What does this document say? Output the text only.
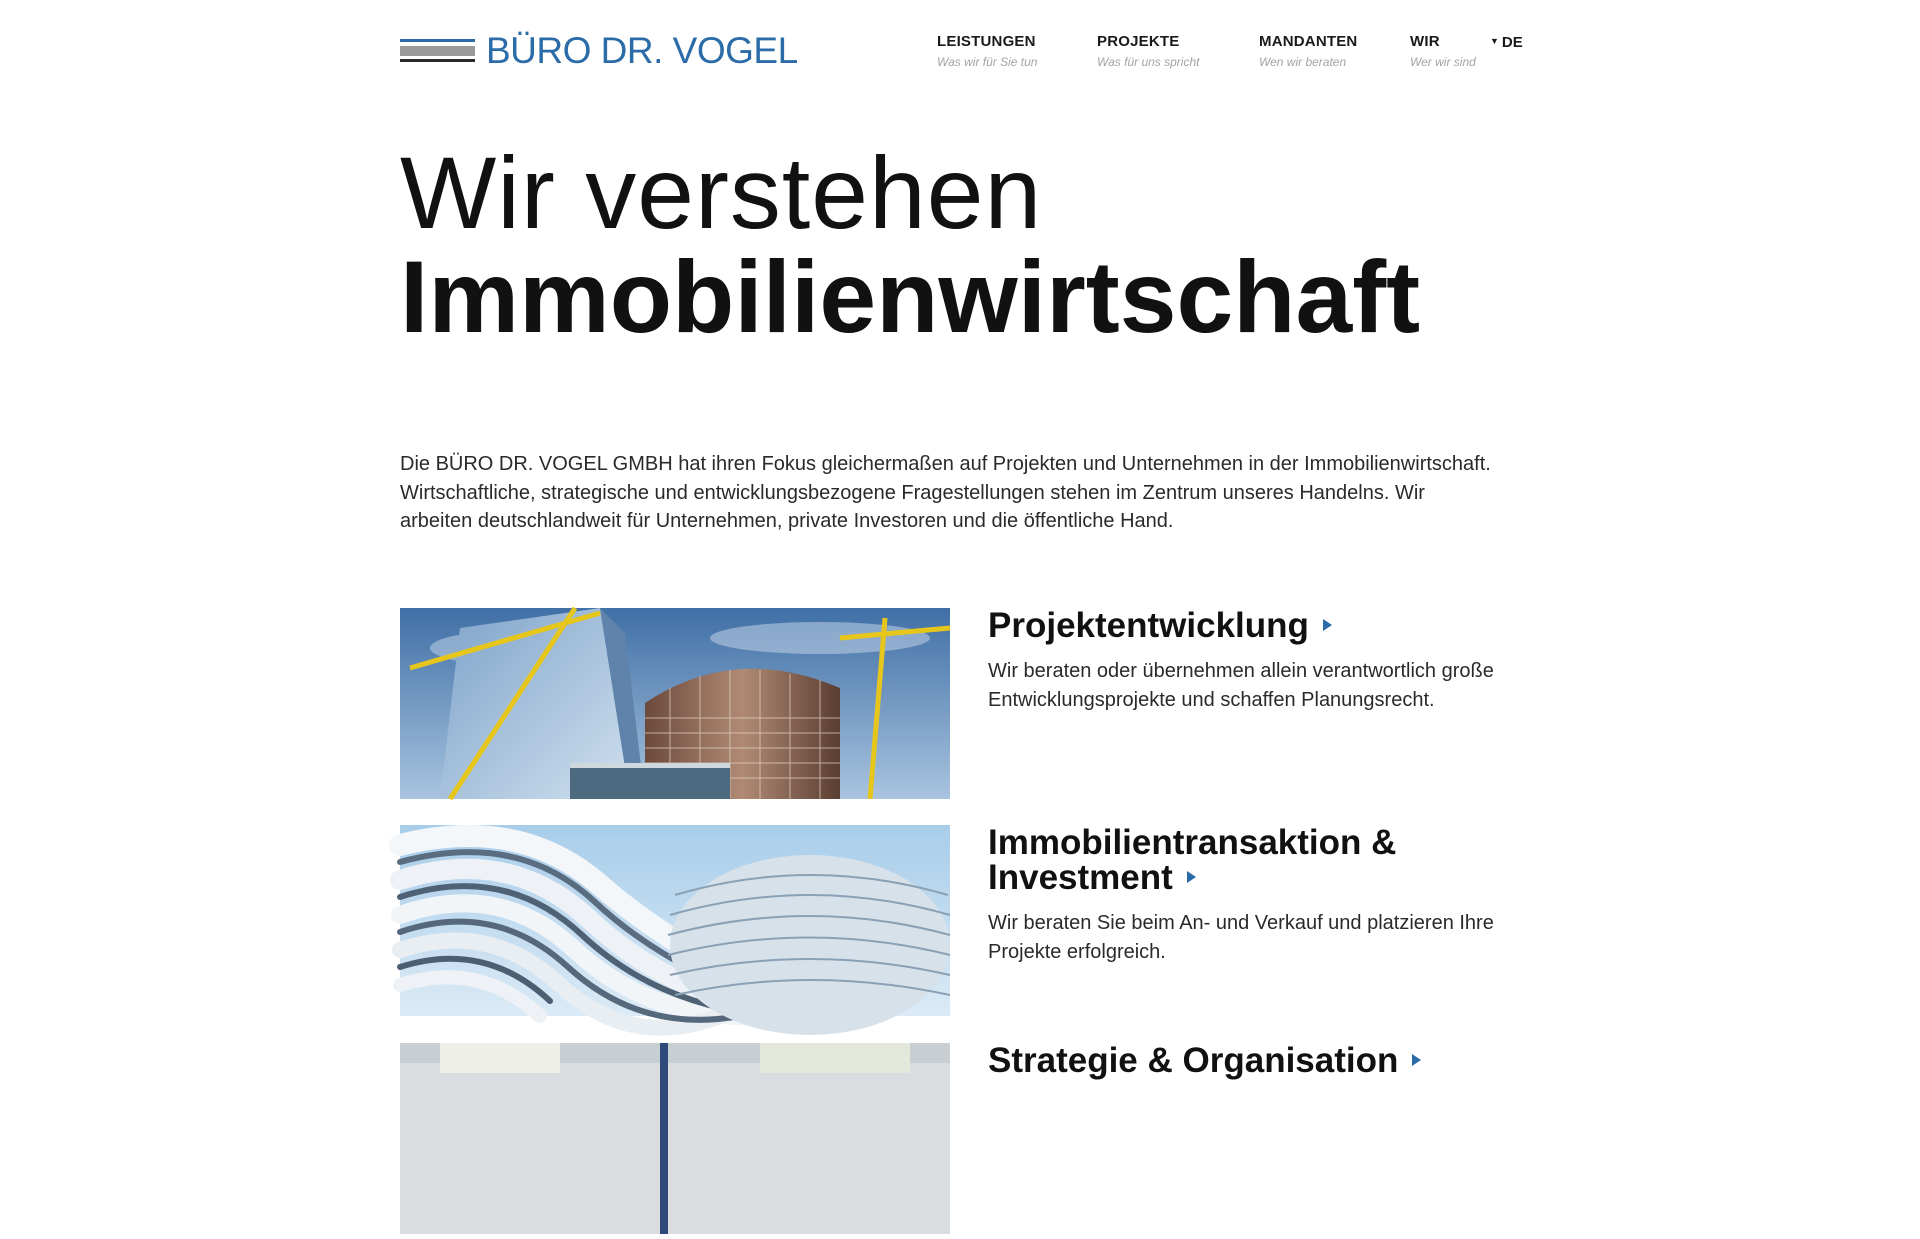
BÜRO DR. VOGEL	LEISTUNGEN
Was wir für Sie tun
PROJEKTE
Was für uns spricht
MANDANTEN
Wen wir beraten
WIR
Wer wir sind
▼ DE
Wir verstehen
Immobilienwirtschaft
Die BÜRO DR. VOGEL GMBH hat ihren Fokus gleichermaßen auf Projekten und Unternehmen in der Immobilienwirtschaft. Wirtschaftliche, strategische und entwicklungsbezogene Fragestellungen stehen im Zentrum unseres Handelns. Wir arbeiten deutschlandweit für Unternehmen, private Investoren und die öffentliche Hand.
Projektentwicklung

Wir beraten oder übernehmen allein verantwortlich große Entwicklungsprojekte und schaffen Planungsrecht.

Immobilientransaktion & Investment

Wir beraten Sie beim An- und Verkauf und platzieren Ihre Projekte erfolgreich.

Strategie & Organisation
